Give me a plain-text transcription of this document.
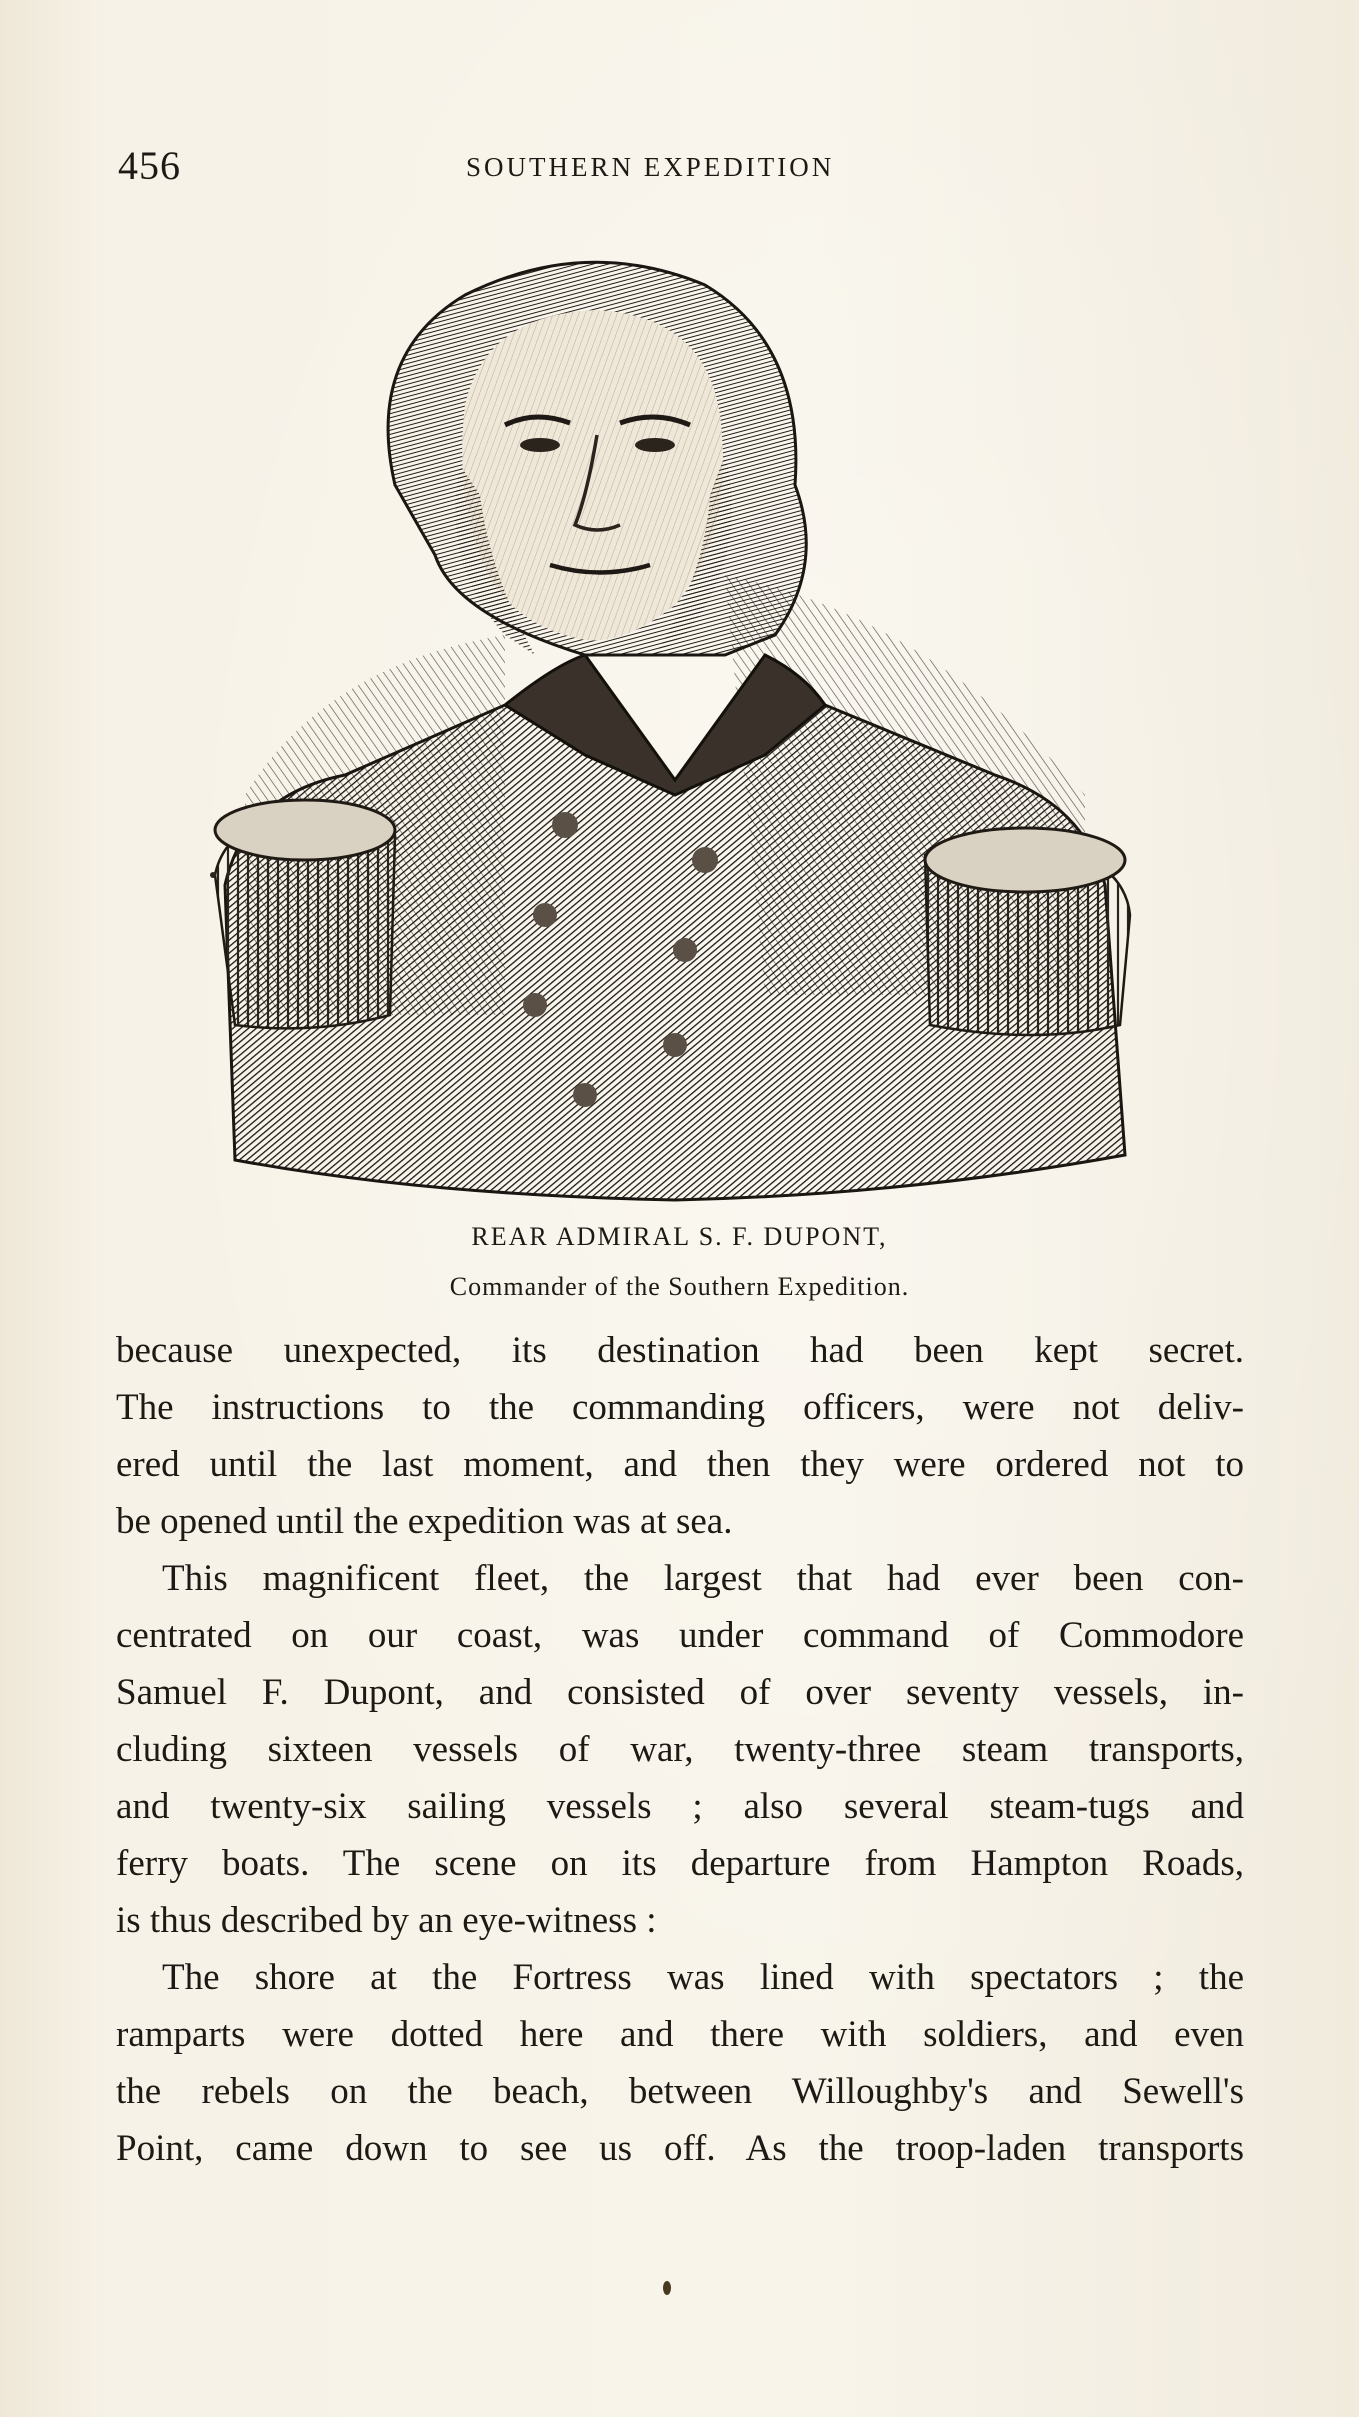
456	SOUTHERN EXPEDITION
REAR ADMIRAL S. F. DUPONT,
Commander of the Southern Expedition.
because unexpected, its destination had been kept secret.
The instructions to the commanding officers, were not deliv-
ered until the last moment, and then they were ordered not to
be opened until the expedition was at sea.
This magnificent fleet, the largest that had ever been con-
centrated on our coast, was under command of Commodore
Samuel F. Dupont, and consisted of over seventy vessels, in-
cluding sixteen vessels of war, twenty-three steam transports,
and twenty-six sailing vessels ; also several steam-tugs and
ferry boats. The scene on its departure from Hampton Roads,
is thus described by an eye-witness :
The shore at the Fortress was lined with spectators ; the
ramparts were dotted here and there with soldiers, and even
the rebels on the beach, between Willoughby's and Sewell's
Point, came down to see us off. As the troop-laden transports
